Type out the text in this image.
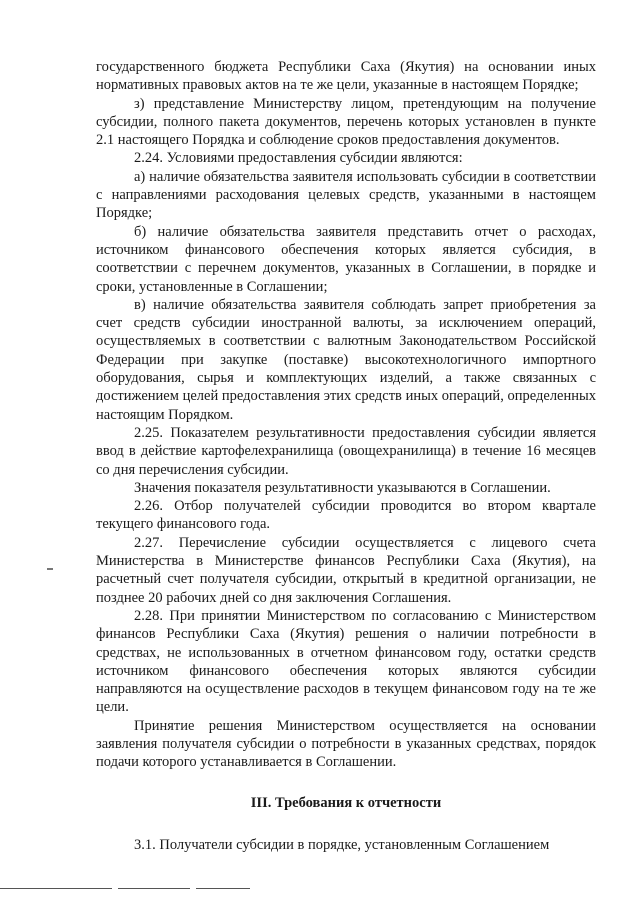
государственного бюджета Республики Саха (Якутия) на основании иных нормативных правовых актов на те же цели, указанные в настоящем Порядке;

з) представление Министерству лицом, претендующим на получение субсидии, полного пакета документов, перечень которых установлен в пункте 2.1 настоящего Порядка и соблюдение сроков предоставления документов.

2.24. Условиями предоставления субсидии являются:

а) наличие обязательства заявителя использовать субсидии в соответствии с направлениями расходования целевых средств, указанными в настоящем Порядке;

б) наличие обязательства заявителя представить отчет о расходах, источником финансового обеспечения которых является субсидия, в соответствии с перечнем документов, указанных в Соглашении, в порядке и сроки, установленные в Соглашении;

в) наличие обязательства заявителя соблюдать запрет приобретения за счет средств субсидии иностранной валюты, за исключением операций, осуществляемых в соответствии с валютным Законодательством Российской Федерации при закупке (поставке) высокотехнологичного импортного оборудования, сырья и комплектующих изделий, а также связанных с достижением целей предоставления этих средств иных операций, определенных настоящим Порядком.

2.25. Показателем результативности предоставления субсидии является ввод в действие картофелехранилища (овощехранилища) в течение 16 месяцев со дня перечисления субсидии.

Значения показателя результативности указываются в Соглашении.

2.26. Отбор получателей субсидии проводится во втором квартале текущего финансового года.

2.27. Перечисление субсидии осуществляется с лицевого счета Министерства в Министерстве финансов Республики Саха (Якутия), на расчетный счет получателя субсидии, открытый в кредитной организации, не позднее 20 рабочих дней со дня заключения Соглашения.

2.28. При принятии Министерством по согласованию с Министерством финансов Республики Саха (Якутия) решения о наличии потребности в средствах, не использованных в отчетном финансовом году, остатки средств источником финансового обеспечения которых являются субсидии направляются на осуществление расходов в текущем финансовом году на те же цели.

Принятие решения Министерством осуществляется на основании заявления получателя субсидии о потребности в указанных средствах, порядок подачи которого устанавливается в Соглашении.

III. Требования к отчетности

3.1. Получатели субсидии в порядке, установленным Соглашением
